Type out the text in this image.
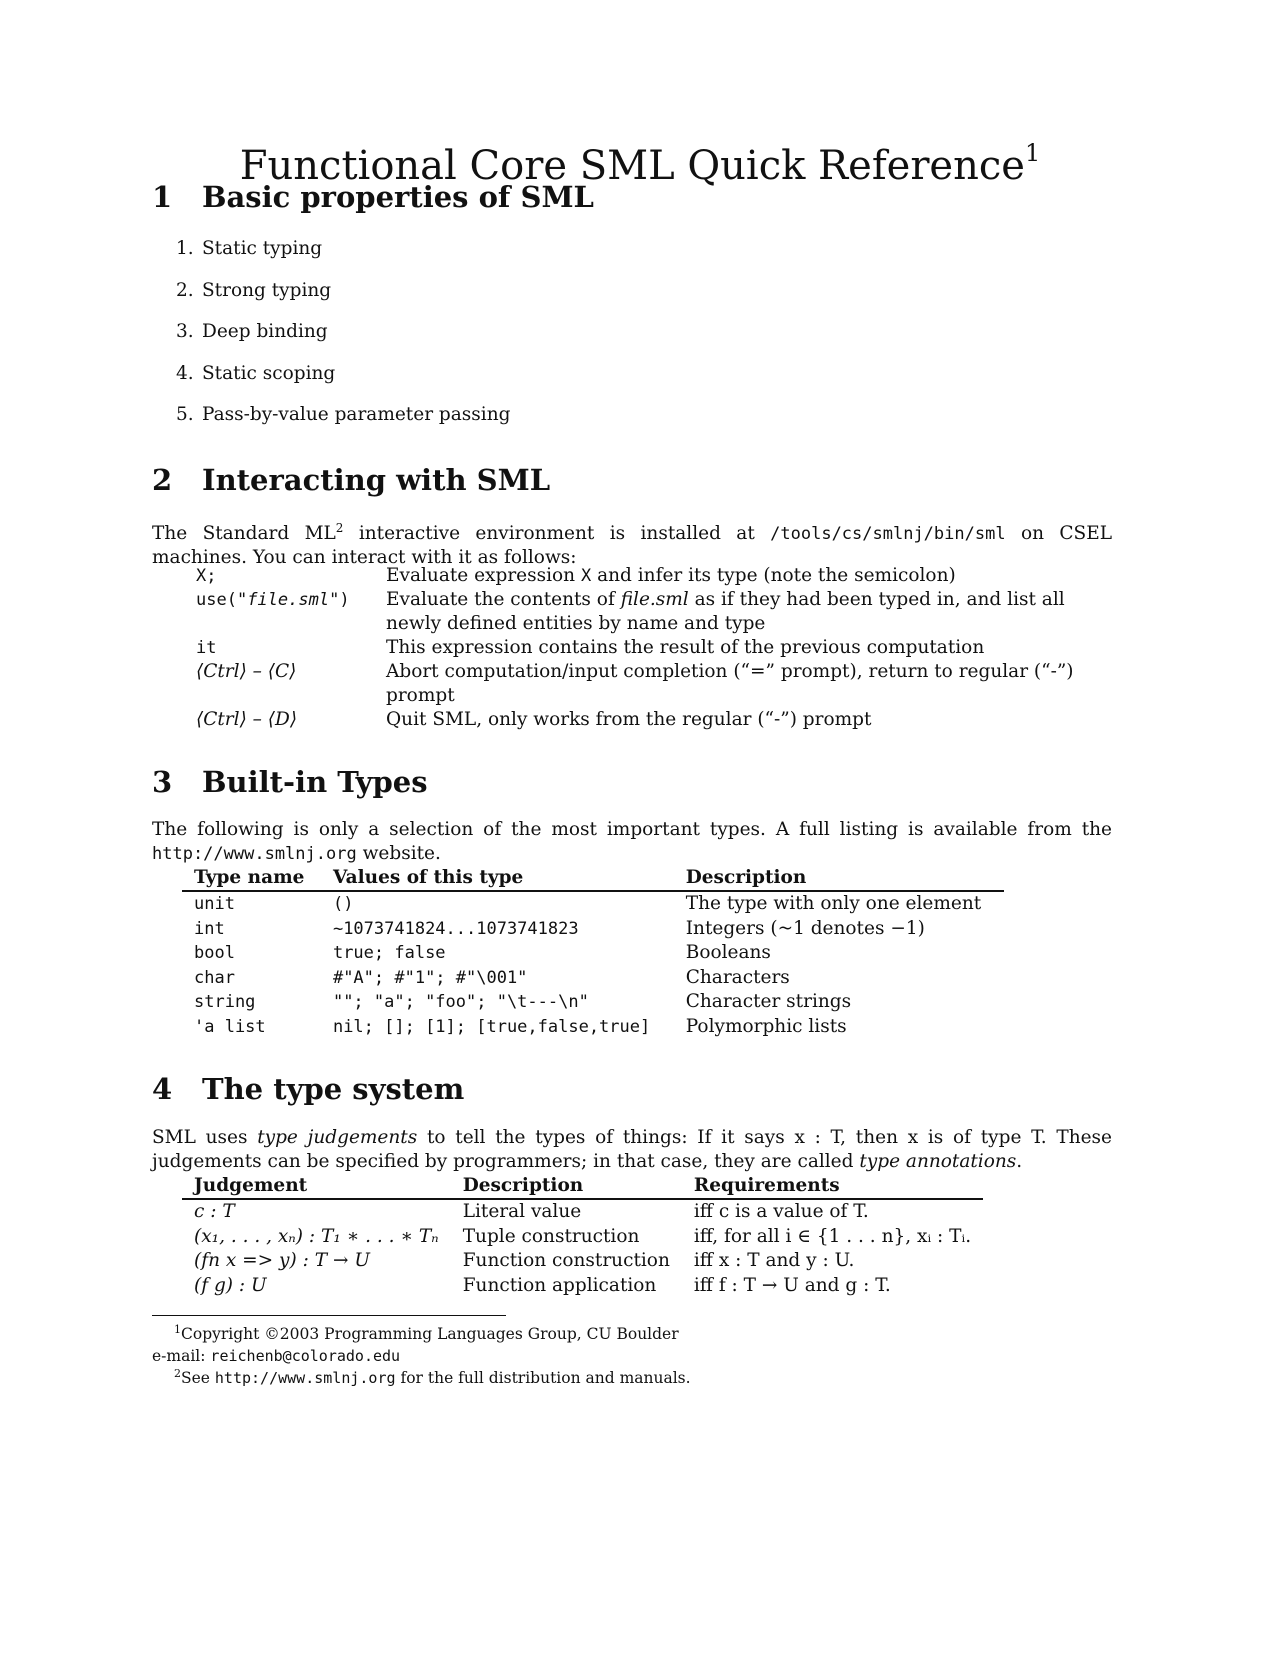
Functional Core SML Quick Reference$^1$
1 Basic properties of SML
1. Static typing
2. Strong typing
3. Deep binding
4. Static scoping
5. Pass-by-value parameter passing
2 Interacting with SML

The Standard $ML^2$ interactive environment is installed at /tools/cs/smlnj/bin/sml on CSEL machines. You can interact with it as follows:

X;	Evaluate expression X and infer its type (note the semicolon)
use("file.sml")	Evaluate the contents of file.sml as if they had been typed in, and list all newly defined entities by name and type
it	This expression contains the result of the previous computation
⟨Ctrl⟩ – ⟨C⟩	Abort computation/input completion (“=” prompt), return to regular (“-”) prompt
⟨Ctrl⟩ – ⟨D⟩	Quit SML, only works from the regular (“-”) prompt
3 Built-in Types

The following is only a selection of the most important types. A full listing is available from the http://www.smlnj.org website.

Type name	Values of this type	Description
unit	()	The type with only one element
int	~1073741824...1073741823	Integers (~1 denotes −1)
bool	true; false	Booleans
char	#"A"; #"1"; #"\001"	Characters
string	""; "a"; "foo"; "\t---\n"	Character strings
'a list	nil; []; [1]; [true,false,true]	Polymorphic lists
4 The type system

SML uses type judgements to tell the types of things: If it says x : T, then x is of type T. These judgements can be specified by programmers; in that case, they are called type annotations.

Judgement	Description	Requirements
c : T	Literal value	iff c is a value of T.
(x₁, . . . , xₙ) : T₁ ∗ . . . ∗ Tₙ	Tuple construction	iff, for all i ∈ {1 . . . n}, xᵢ : Tᵢ.
(fn x => y) : T → U	Function construction	iff x : T and y : U.
(f g) : U	Function application	iff f : T → U and g : T.
$^1$Copyright ©2003 Programming Languages Group, CU Boulder
e-mail: reichenb@colorado.edu
$^2$See http://www.smlnj.org for the full distribution and manuals.
